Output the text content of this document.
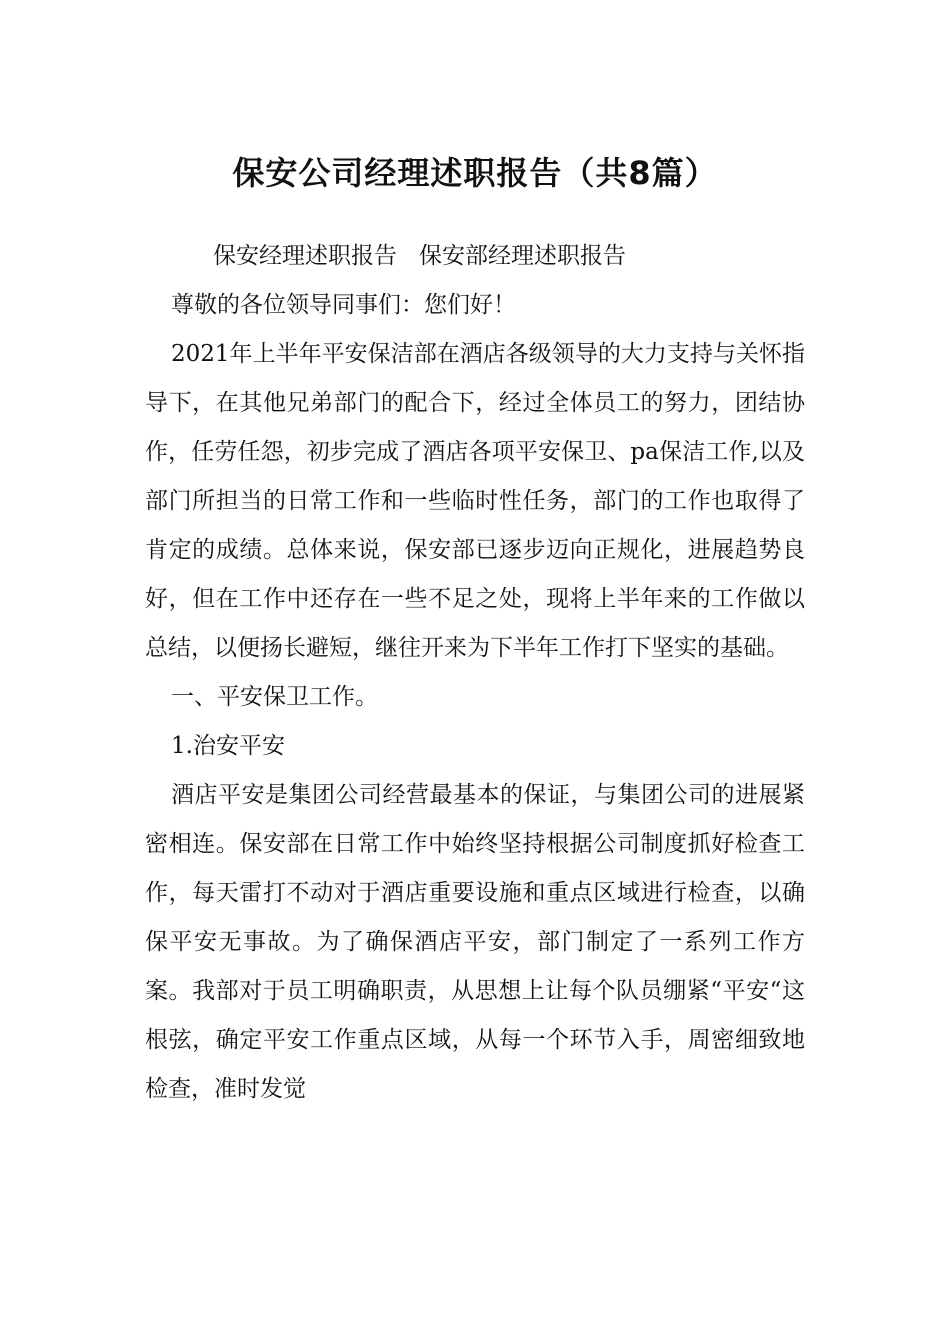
保安公司经理述职报告（共8篇）

保安经理述职报告 保安部经理述职报告

尊敬的各位领导同事们：您们好！

2021年上半年平安保洁部在酒店各级领导的大力支持与关怀指导下，在其他兄弟部门的配合下，经过全体员工的努力，团结协作，任劳任怨，初步完成了酒店各项平安保卫、pa保洁工作,以及部门所担当的日常工作和一些临时性任务，部门的工作也取得了肯定的成绩。总体来说，保安部已逐步迈向正规化，进展趋势良好，但在工作中还存在一些不足之处，现将上半年来的工作做以总结，以便扬长避短，继往开来为下半年工作打下坚实的基础。

一、平安保卫工作。

1.治安平安

酒店平安是集团公司经营最基本的保证，与集团公司的进展紧密相连。保安部在日常工作中始终坚持根据公司制度抓好检查工作，每天雷打不动对于酒店重要设施和重点区域进行检查，以确保平安无事故。为了确保酒店平安，部门制定了一系列工作方案。我部对于员工明确职责，从思想上让每个队员绷紧“平安“这根弦，确定平安工作重点区域，从每一个环节入手，周密细致地检查，准时发觉
